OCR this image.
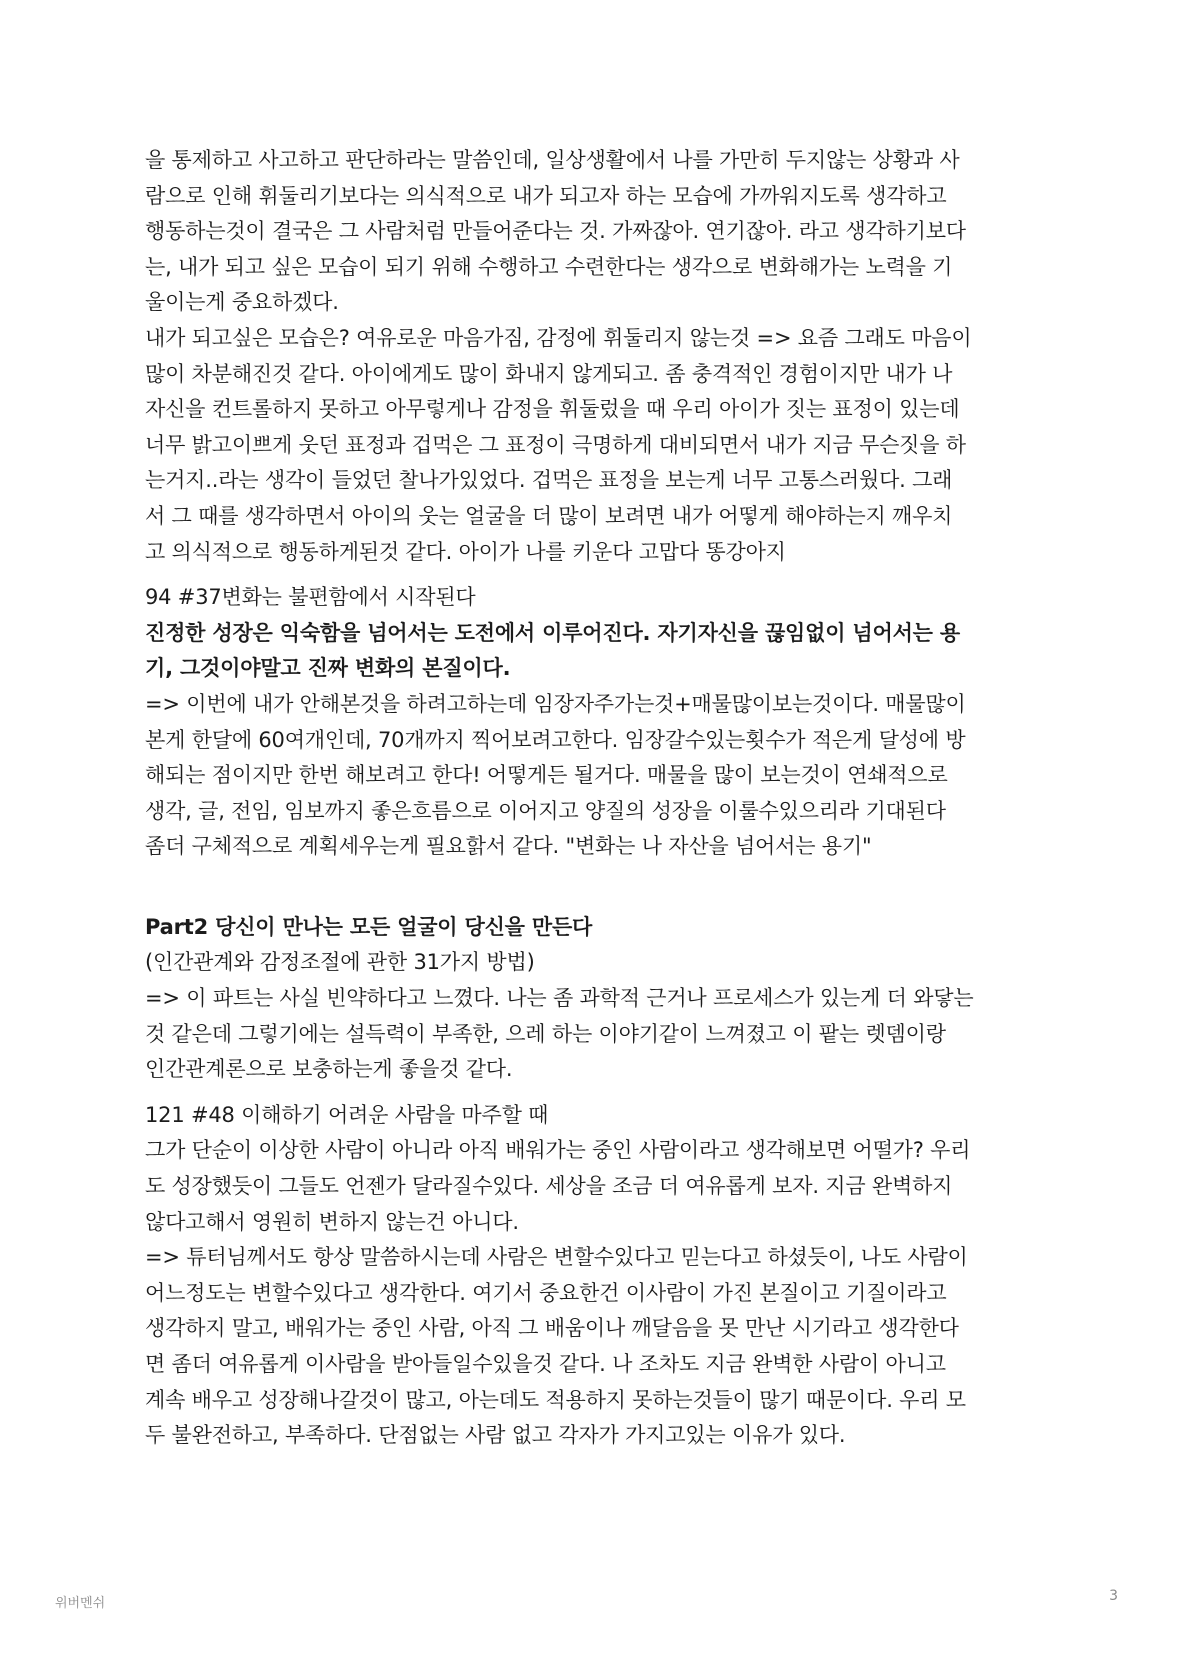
을 통제하고 사고하고 판단하라는 말씀인데, 일상생활에서 나를 가만히 두지않는 상황과 사
람으로 인해 휘둘리기보다는 의식적으로 내가 되고자 하는 모습에 가까워지도록 생각하고
행동하는것이 결국은 그 사람처럼 만들어준다는 것. 가짜잖아. 연기잖아. 라고 생각하기보다
는, 내가 되고 싶은 모습이 되기 위해 수행하고 수련한다는 생각으로 변화해가는 노력을 기
울이는게 중요하겠다.
내가 되고싶은 모습은? 여유로운 마음가짐, 감정에 휘둘리지 않는것 => 요즘 그래도 마음이
많이 차분해진것 같다. 아이에게도 많이 화내지 않게되고. 좀 충격적인 경험이지만 내가 나
자신을 컨트롤하지 못하고 아무렇게나 감정을 휘둘렀을 때 우리 아이가 짓는 표정이 있는데
너무 밝고이쁘게 웃던 표정과 겁먹은 그 표정이 극명하게 대비되면서 내가 지금 무슨짓을 하
는거지..라는 생각이 들었던 찰나가있었다. 겁먹은 표정을 보는게 너무 고통스러웠다. 그래
서 그 때를 생각하면서 아이의 웃는 얼굴을 더 많이 보려면 내가 어떻게 해야하는지 깨우치
고 의식적으로 행동하게된것 같다. 아이가 나를 키운다 고맙다 똥강아지
94 #37변화는 불편함에서 시작된다
진정한 성장은 익숙함을 넘어서는 도전에서 이루어진다. 자기자신을 끊임없이 넘어서는 용
기, 그것이야말고 진짜 변화의 본질이다.
=> 이번에 내가 안해본것을 하려고하는데 임장자주가는것+매물많이보는것이다. 매물많이
본게 한달에 60여개인데, 70개까지 찍어보려고한다. 임장갈수있는횟수가 적은게 달성에 방
해되는 점이지만 한번 해보려고 한다! 어떻게든 될거다. 매물을 많이 보는것이 연쇄적으로
생각, 글, 전임, 임보까지 좋은흐름으로 이어지고 양질의 성장을 이룰수있으리라 기대된다
좀더 구체적으로 계획세우는게 필요핡서 같다. "변화는 나 자산을 넘어서는 용기"
Part2 당신이 만나는 모든 얼굴이 당신을 만든다
(인간관계와 감정조절에 관한 31가지 방법)
=> 이 파트는 사실 빈약하다고 느꼈다. 나는 좀 과학적 근거나 프로세스가 있는게 더 와닿는
것 같은데 그렇기에는 설득력이 부족한, 으레 하는 이야기같이 느껴졌고 이 팥는 렛뎀이랑
인간관계론으로 보충하는게 좋을것 같다.
121 #48 이해하기 어려운 사람을 마주할 때
그가 단순이 이상한 사람이 아니라 아직 배워가는 중인 사람이라고 생각해보면 어떨가? 우리
도 성장했듯이 그들도 언젠가 달라질수있다. 세상을 조금 더 여유롭게 보자. 지금 완벽하지
않다고해서 영원히 변하지 않는건 아니다.
=> 튜터님께서도 항상 말씀하시는데 사람은 변할수있다고 믿는다고 하셨듯이, 나도 사람이
어느정도는 변할수있다고 생각한다. 여기서 중요한건 이사람이 가진 본질이고 기질이라고
생각하지 말고, 배워가는 중인 사람, 아직 그 배움이나 깨달음을 못 만난 시기라고 생각한다
면 좀더 여유롭게 이사람을 받아들일수있을것 같다. 나 조차도 지금 완벽한 사람이 아니고
계속 배우고 성장해나갈것이 많고, 아는데도 적용하지 못하는것들이 많기 때문이다. 우리 모
두 불완전하고, 부족하다. 단점없는 사람 없고 각자가 가지고있는 이유가 있다.
위버멘쉬	3
